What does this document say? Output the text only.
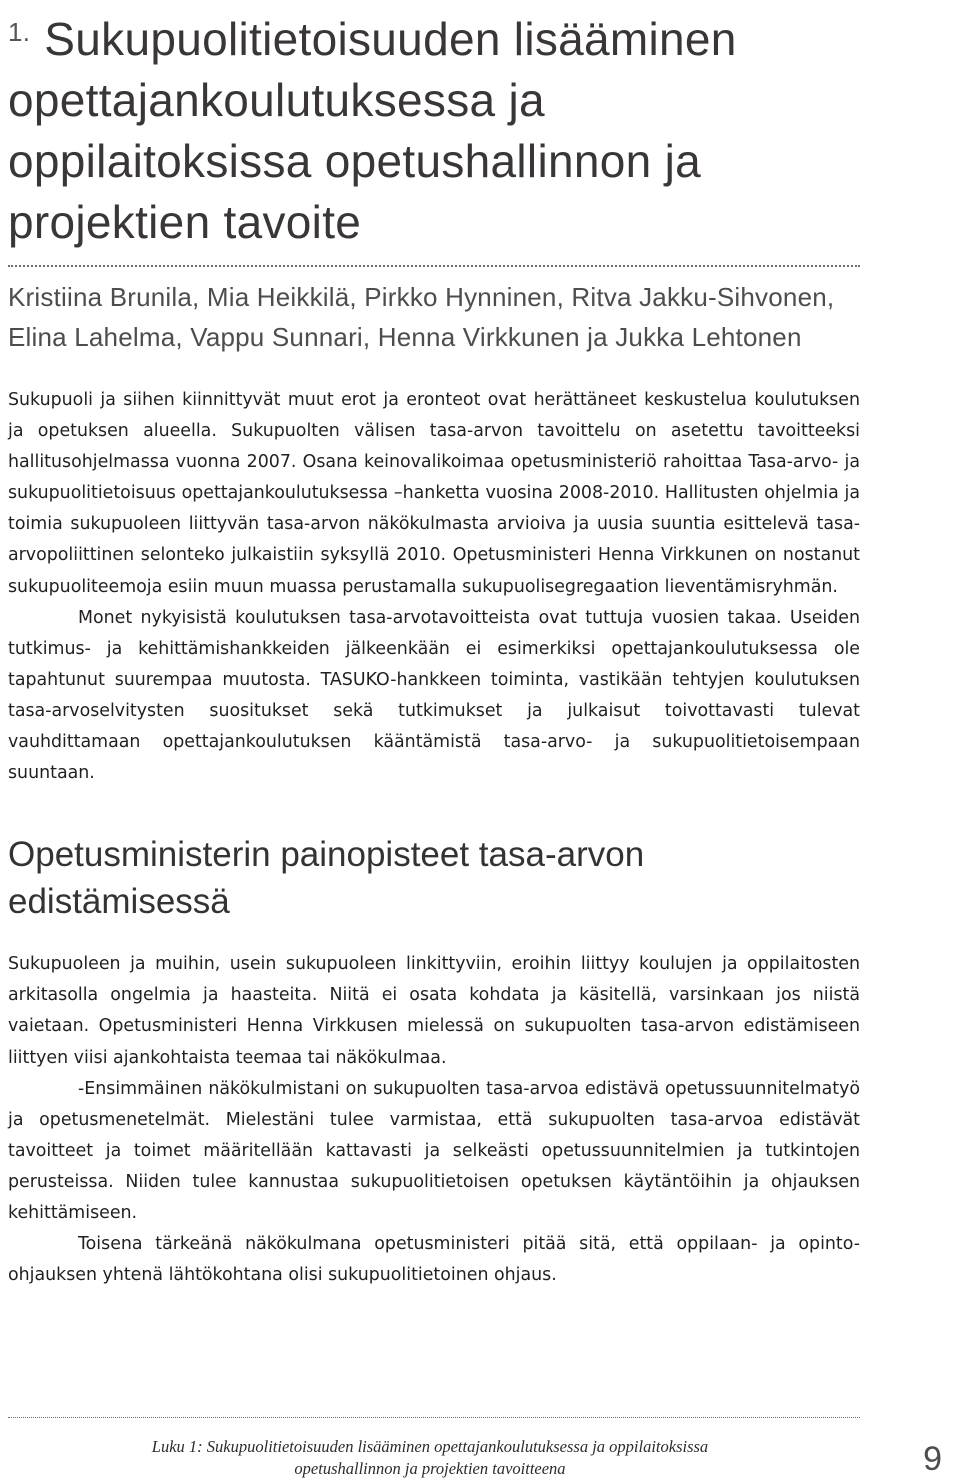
$^{1.}$ Sukupuolitietoisuuden lisääminen opettajankoulutuksessa ja oppilaitoksissa opetushallinnon ja projektien tavoite

Kristiina Brunila, Mia Heikkilä, Pirkko Hynninen, Ritva Jakku-Sihvonen, Elina Lahelma, Vappu Sunnari, Henna Virkkunen ja Jukka Lehtonen

Sukupuoli ja siihen kiinnittyvät muut erot ja eronteot ovat herättäneet keskustelua koulutuksen ja opetuksen alueella. Sukupuolten välisen tasa-arvon tavoittelu on asetettu tavoitteeksi hallitusohjelmassa vuonna 2007. Osana keinovalikoimaa opetusministeriö rahoittaa Tasa-arvo- ja sukupuolitietoisuus opettajankoulutuksessa –hanketta vuosina 2008-2010. Hallitusten ohjelmia ja toimia sukupuoleen liittyvän tasa-arvon näkökulmasta arvioiva ja uusia suuntia esittelevä tasa-arvopoliittinen selonteko julkaistiin syksyllä 2010. Opetusministeri Henna Virkkunen on nostanut sukupuoliteemoja esiin muun muassa perustamalla sukupuolisegregaation lieventämisryhmän.

Monet nykyisistä koulutuksen tasa-arvotavoitteista ovat tuttuja vuosien takaa. Useiden tutkimus- ja kehittämishankkeiden jälkeenkään ei esimerkiksi opettajankoulutuksessa ole tapahtunut suurempaa muutosta. TASUKO-hankkeen toiminta, vastikään tehtyjen koulutuksen tasa-arvoselvitysten suositukset sekä tutkimukset ja julkaisut toivottavasti tulevat vauhdittamaan opettajankoulutuksen kääntämistä tasa-arvo- ja sukupuolitietoisempaan suuntaan.

Opetusministerin painopisteet tasa-arvon edistämisessä

Sukupuoleen ja muihin, usein sukupuoleen linkittyviin, eroihin liittyy koulujen ja oppilaitosten arkitasolla ongelmia ja haasteita. Niitä ei osata kohdata ja käsitellä, varsinkaan jos niistä vaietaan. Opetusministeri Henna Virkkusen mielessä on sukupuolten tasa-arvon edistämiseen liittyen viisi ajankohtaista teemaa tai näkökulmaa.

-Ensimmäinen näkökulmistani on sukupuolten tasa-arvoa edistävä opetussuunnitelmatyö ja opetusmenetelmät. Mielestäni tulee varmistaa, että sukupuolten tasa-arvoa edistävät tavoitteet ja toimet määritellään kattavasti ja selkeästi opetussuunnitelmien ja tutkintojen perusteissa. Niiden tulee kannustaa sukupuolitietoisen opetuksen käytäntöihin ja ohjauksen kehittämiseen.

Toisena tärkeänä näkökulmana opetusministeri pitää sitä, että oppilaan- ja opinto-ohjauksen yhtenä lähtökohtana olisi sukupuolitietoinen ohjaus.

Luku 1: Sukupuolitietoisuuden lisääminen opettajankoulutuksessa ja oppilaitoksissa
opetushallinnon ja projektien tavoitteena	9
